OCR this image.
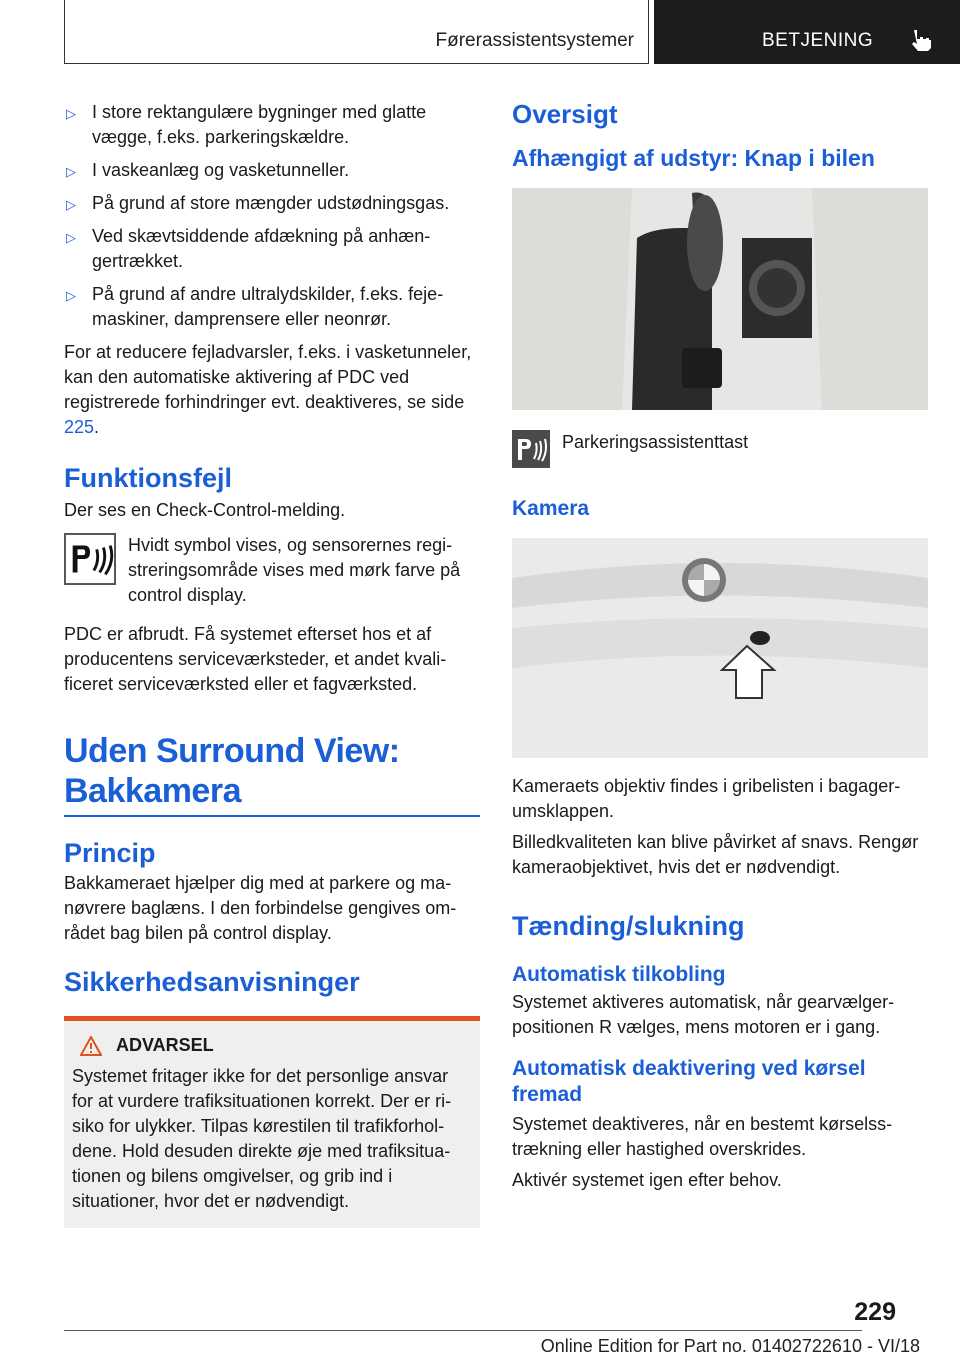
Førerassistentsystemer	BETJENING
▷ I store rektangulære bygninger med glatte vægge, f.eks. parkeringskældre.
▷ I vaskeanlæg og vasketunneller.
▷ På grund af store mængder udstødningsgas.
▷ Ved skævtsiddende afdækning på anhængertrækket.
▷ På grund af andre ultralydskilder, f.eks. fejemaskiner, damprensere eller neonrør.

For at reducere fejladvarsler, f.eks. i vasketunneler, kan den automatiske aktivering af PDC ved registrerede forhindringer evt. deaktiveres, se side 225.

Funktionsfejl

Der ses en Check-Control-melding.

Hvidt symbol vises, og sensorernes registreringsområde vises med mørk farve på control display.

PDC er afbrudt. Få systemet efterset hos et af producentens serviceværksteder, et andet kvalificeret serviceværksted eller et fagværksted.

Uden Surround View:
Bakkamera
Princip

Bakkameraet hjælper dig med at parkere og manøvrere baglæns. I den forbindelse gengives området bag bilen på control display.

Sikkerhedsanvisninger
ADVARSEL

Systemet fritager ikke for det personlige ansvar for at vurdere trafiksituationen korrekt. Der er risiko for ulykker. Tilpas kørestilen til trafikforholdene. Hold desuden direkte øje med trafiksituationen og bilens omgivelser, og grib ind i situationer, hvor det er nødvendigt.

Oversigt
Afhængigt af udstyr: Knap i bilen
Parkeringsassistenttast
Kamera

Kameraets objektiv findes i gribelisten i bagagerumsklappen.

Billedkvaliteten kan blive påvirket af snavs. Rengør kameraobjektivet, hvis det er nødvendigt.

Tænding/slukning
Automatisk tilkobling

Systemet aktiveres automatisk, når gearvælgerpositionen R vælges, mens motoren er i gang.

Automatisk deaktivering ved kørsel fremad

Systemet deaktiveres, når en bestemt kørselsstrækning eller hastighed overskrides.

Aktivér systemet igen efter behov.

229
Online Edition for Part no. 01402722610 - VI/18
